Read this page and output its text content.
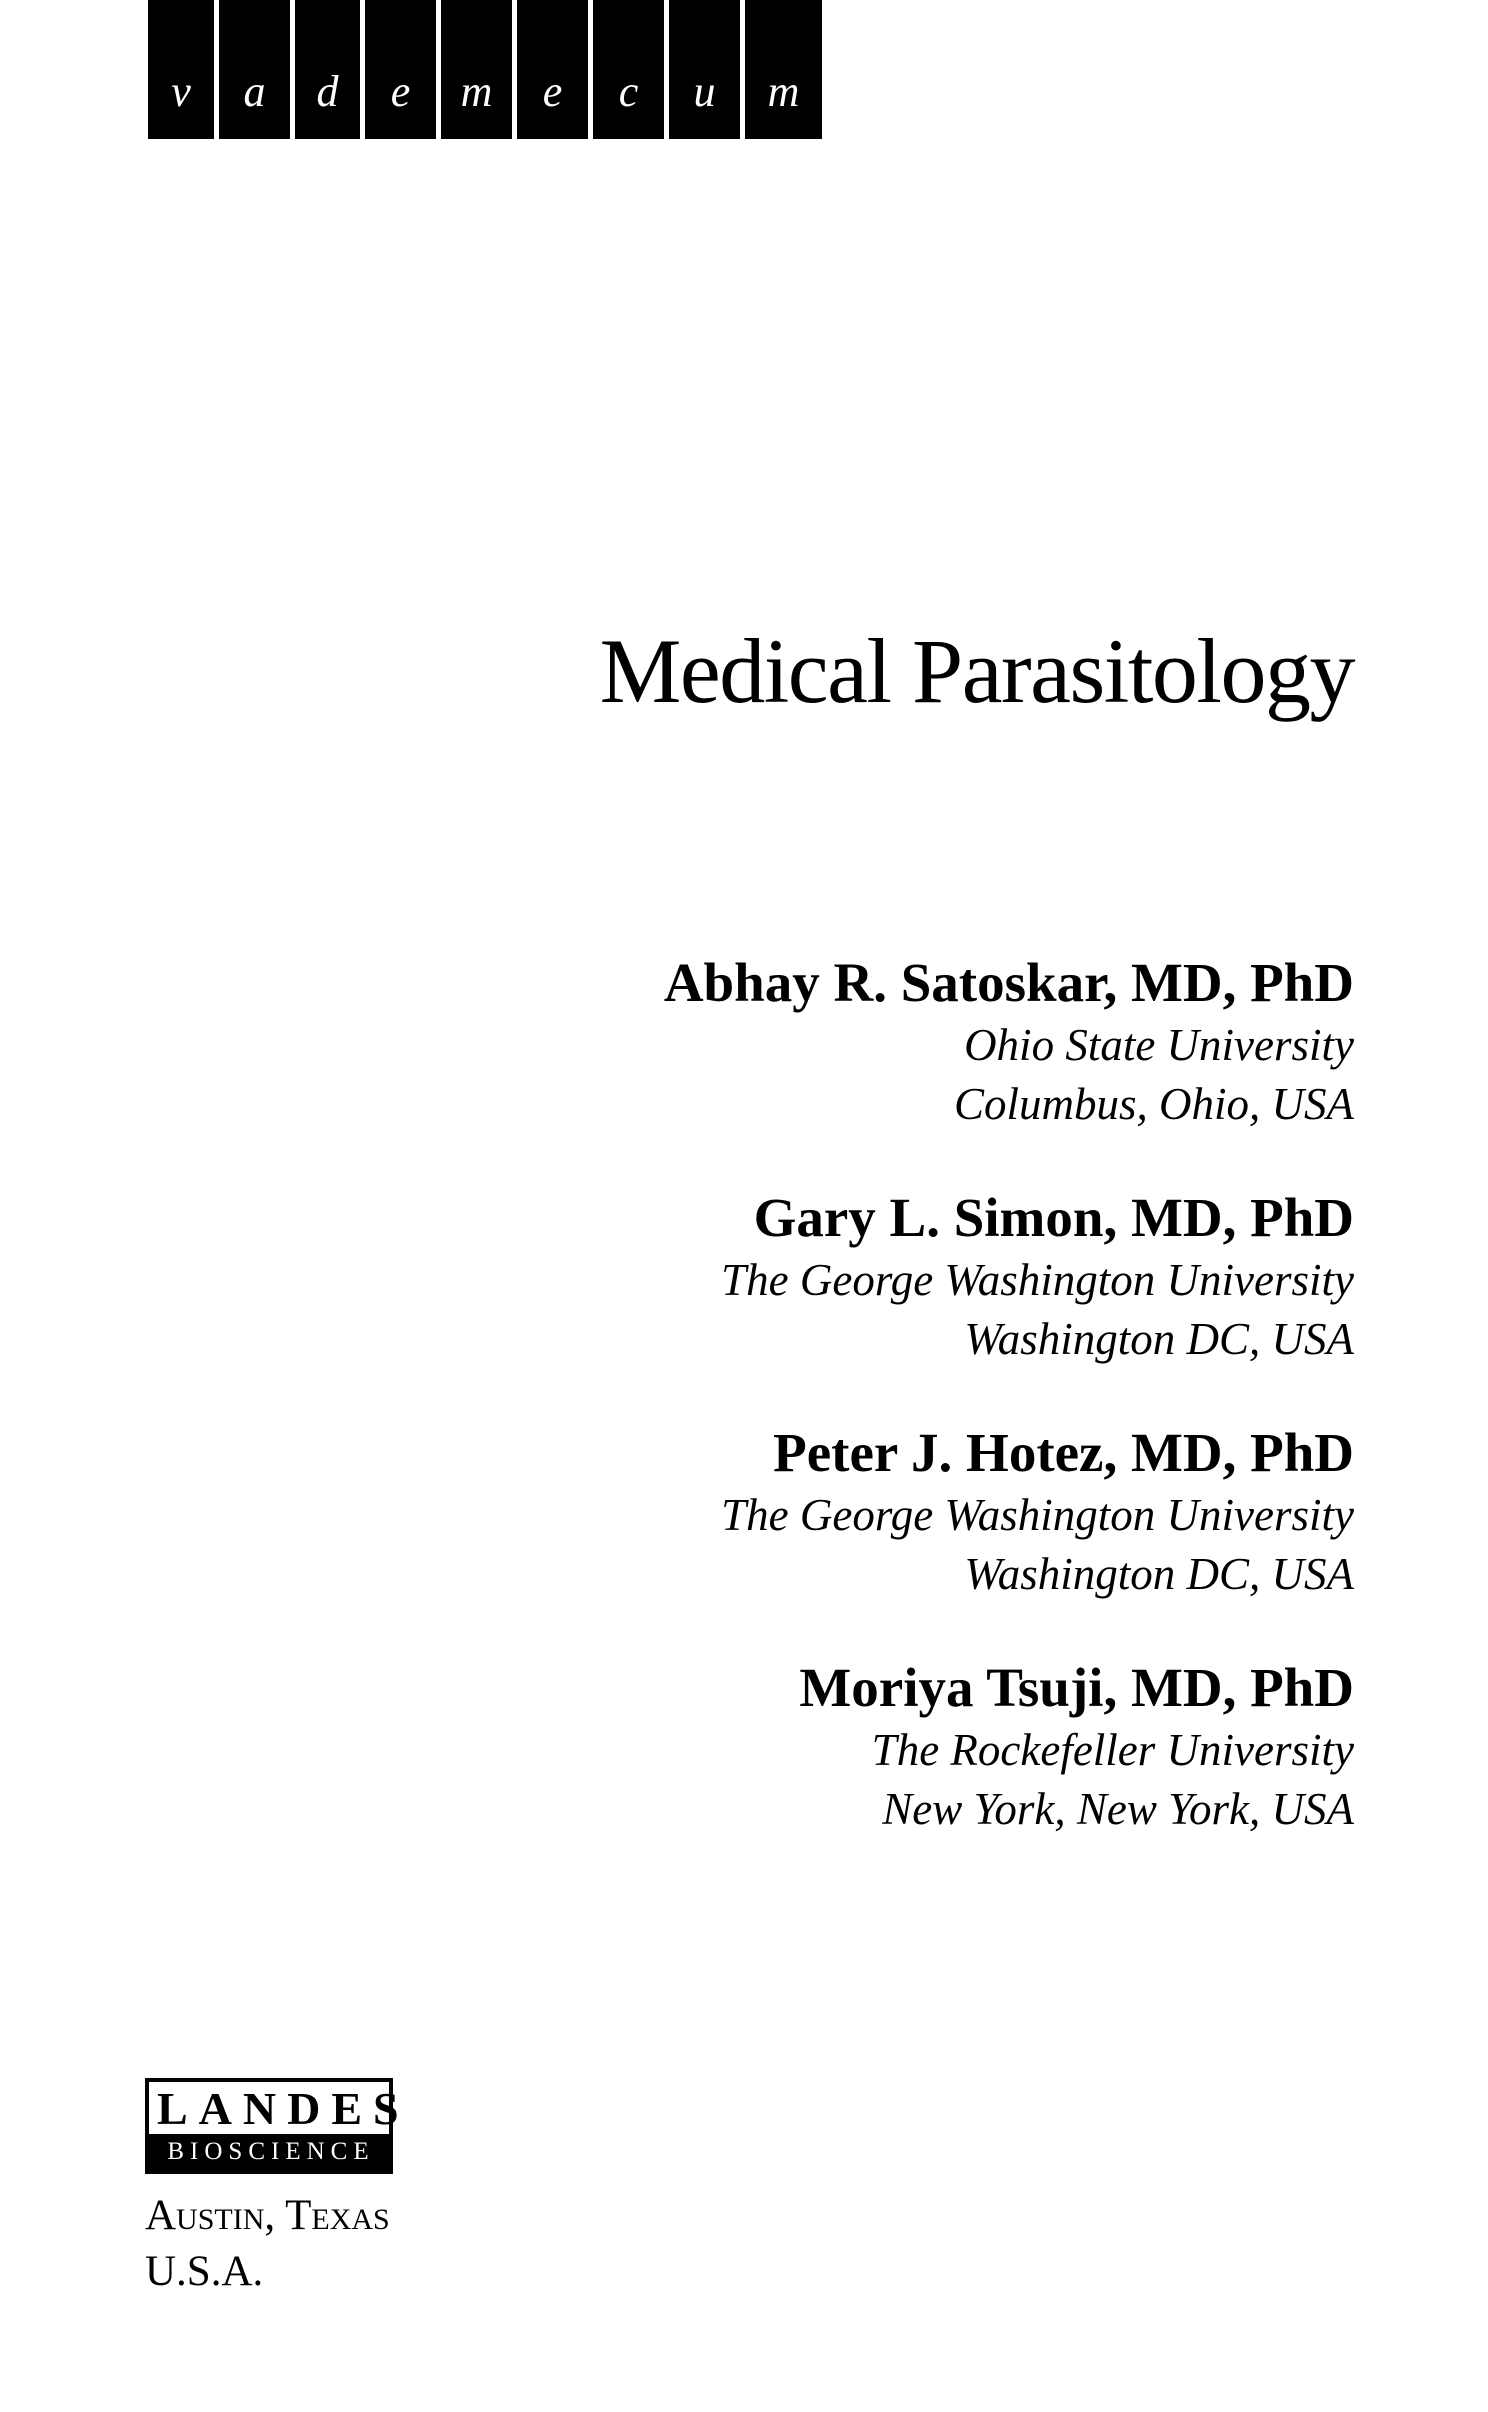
v	a	d	e	m	e	c	u	m
Medical Parasitology
Abhay R. Satoskar, MD, PhD
Ohio State University
Columbus, Ohio, USA
Gary L. Simon, MD, PhD
The George Washington University
Washington DC, USA
Peter J. Hotez, MD, PhD
The George Washington University
Washington DC, USA
Moriya Tsuji, MD, PhD
The Rockefeller University
New York, New York, USA
LANDES
BIOSCIENCE
Austin, Texas
U.S.A.
